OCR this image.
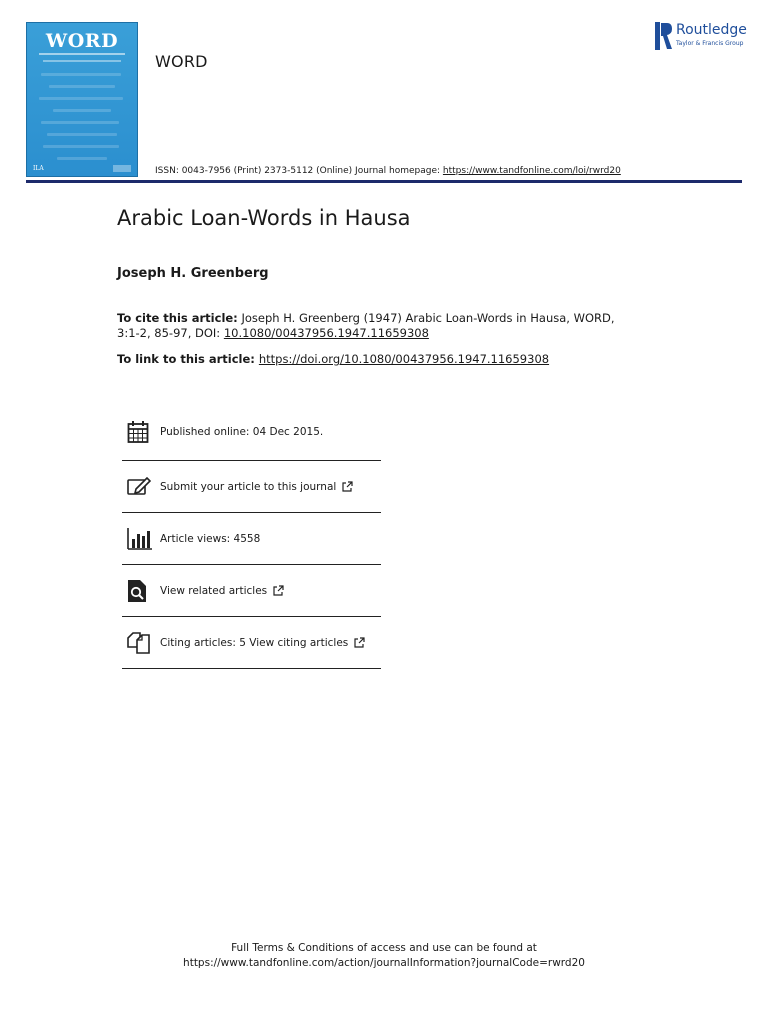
WORD
ILA
WORD
ISSN: 0043-7956 (Print) 2373-5112 (Online) Journal homepage: https://www.tandfonline.com/loi/rwrd20
Routledge
Taylor & Francis Group
Arabic Loan-Words in Hausa
Joseph H. Greenberg
To cite this article: Joseph H. Greenberg (1947) Arabic Loan-Words in Hausa, WORD, 3:1-2, 85-97, DOI: 10.1080/00437956.1947.11659308
To link to this article: https://doi.org/10.1080/00437956.1947.11659308
Published online: 04 Dec 2015.
Submit your article to this journal
Article views: 4558
View related articles
Citing articles: 5 View citing articles
Full Terms & Conditions of access and use can be found at
https://www.tandfonline.com/action/journalInformation?journalCode=rwrd20
